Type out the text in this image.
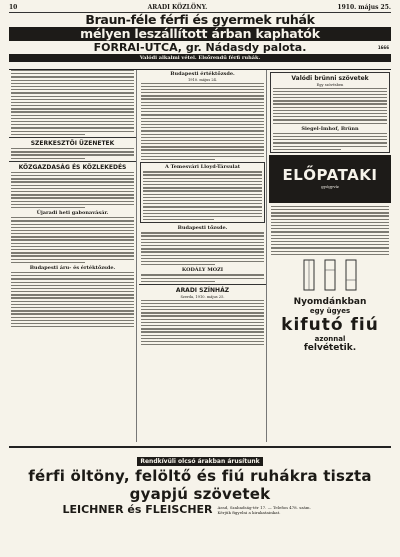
10	ARADI KÖZLÖNY.	1910. május 25.
Braun-féle férfi és gyermek ruhák
mélyen leszállított árban kaphatók
FORRAI-UTCA, gr. Nádasdy palota.	1666
Valódi alkalmi vétel. Elsőrendű férfi ruhák.
SZERKESZTŐI ÜZENETEK
KÖZGAZDASÁG ÉS KÖZLEKEDÉS
Újaradi heti gabonavásár.
Budapesti áru- és értéktőzsde.
Budapesti értéktőzsde.
1910. május 24.
A Temesvári Lloyd-Társulat
Budapesti tőzsde.
KODÁLY MOZI
ARADI SZÍNHÁZ
Szerda, 1910. május 25.
Valódi brünni szövetek
Egy szövésben
Siegel-Imhof, Brünn
ELŐPATAKI
gyógyvíz
Nyomdánkban
egy ügyes
kifutó fiú
azonnal
felvétetik.
Rendkívüli olcsó árakban árusítunk
férfi öltöny, felöltő és fiú ruhákra tiszta gyapjú szövetek
LEICHNER és FLEISCHER Arad, Szabadság-tér 17. — Telefon 478. szám.
Kérjük figyelni a kirakatainkat.
